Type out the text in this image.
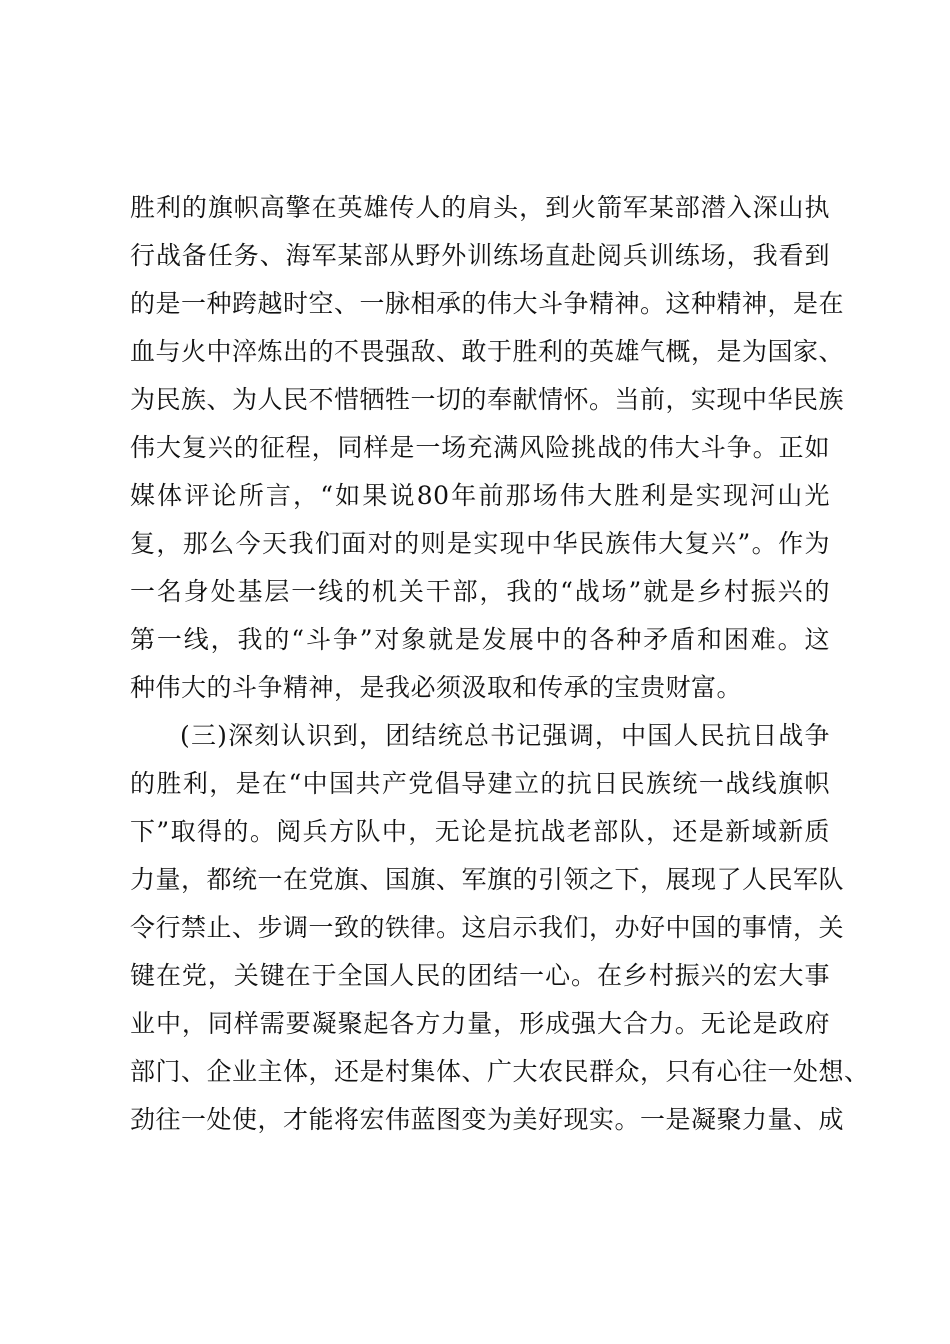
胜利的旗帜高擎在英雄传人的肩头，到火箭军某部潜入深山执
行战备任务、海军某部从野外训练场直赴阅兵训练场，我看到
的是一种跨越时空、一脉相承的伟大斗争精神。这种精神，是在
血与火中淬炼出的不畏强敌、敢于胜利的英雄气概，是为国家、
为民族、为人民不惜牺牲一切的奉献情怀。当前，实现中华民族
伟大复兴的征程，同样是一场充满风险挑战的伟大斗争。正如
媒体评论所言，“如果说80年前那场伟大胜利是实现河山光
复，那么今天我们面对的则是实现中华民族伟大复兴”。作为
一名身处基层一线的机关干部，我的“战场”就是乡村振兴的
第一线，我的“斗争”对象就是发展中的各种矛盾和困难。这
种伟大的斗争精神，是我必须汲取和传承的宝贵财富。
(三)深刻认识到，团结统总书记强调，中国人民抗日战争
的胜利，是在“中国共产党倡导建立的抗日民族统一战线旗帜
下”取得的。阅兵方队中，无论是抗战老部队，还是新域新质
力量，都统一在党旗、国旗、军旗的引领之下，展现了人民军队
令行禁止、步调一致的铁律。这启示我们，办好中国的事情，关
键在党，关键在于全国人民的团结一心。在乡村振兴的宏大事
业中，同样需要凝聚起各方力量，形成强大合力。无论是政府
部门、企业主体，还是村集体、广大农民群众，只有心往一处想、
劲往一处使，才能将宏伟蓝图变为美好现实。一是凝聚力量、成
